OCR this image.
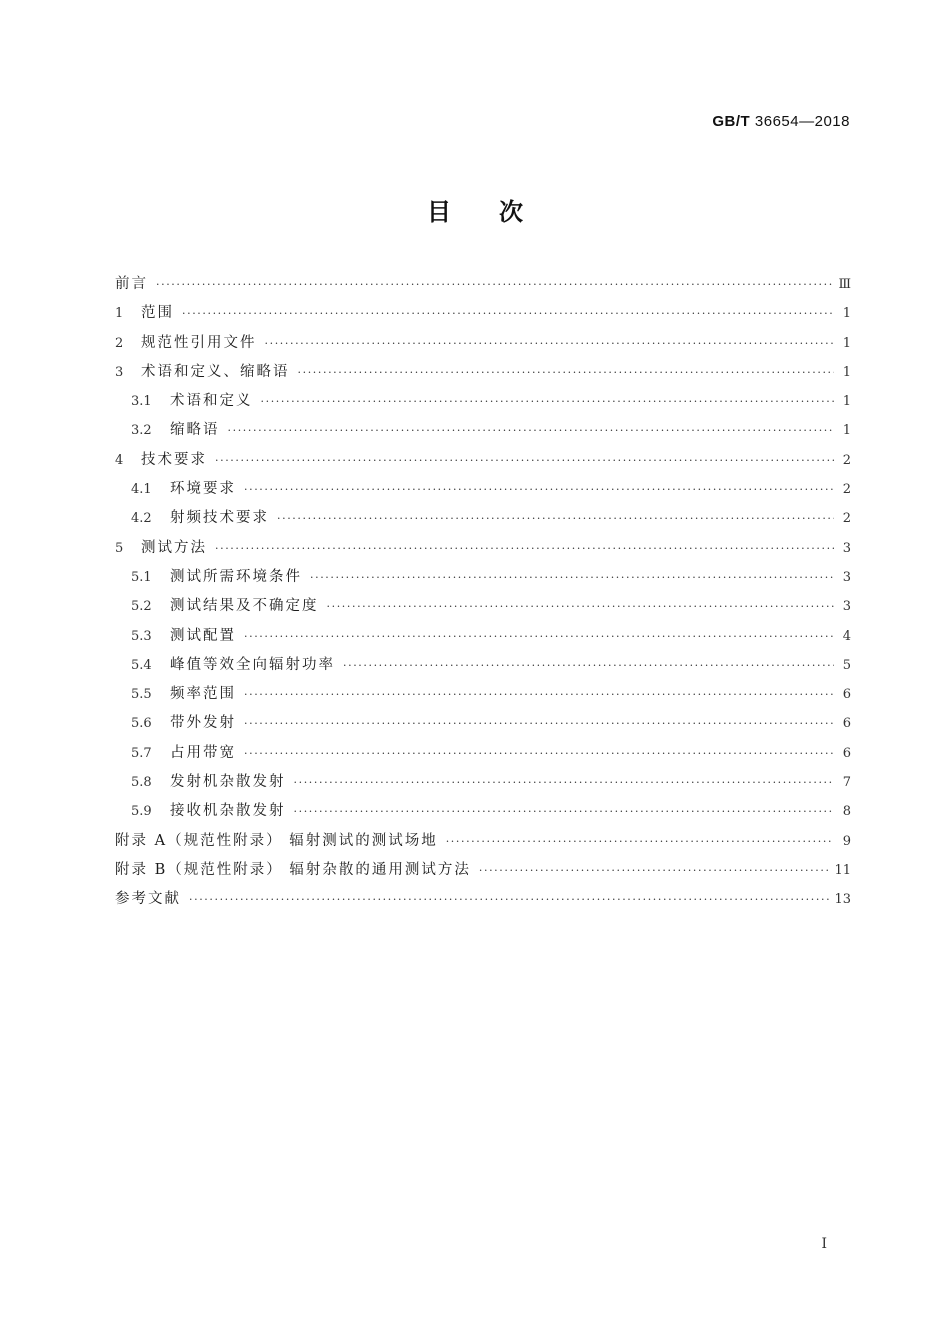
GB/T 36654—2018
目次
前言 ·····	Ⅲ
1	范围 ·····	1
2	规范性引用文件 ·····	1
3	术语和定义、缩略语 ·····	1
3.1	术语和定义 ·····	1
3.2	缩略语 ·····	1
4	技术要求 ·····	2
4.1	环境要求 ·····	2
4.2	射频技术要求 ·····	2
5	测试方法 ·····	3
5.1	测试所需环境条件 ·····	3
5.2	测试结果及不确定度 ·····	3
5.3	测试配置 ·····	4
5.4	峰值等效全向辐射功率 ·····	5
5.5	频率范围 ·····	6
5.6	带外发射 ·····	6
5.7	占用带宽 ·····	6
5.8	发射机杂散发射 ·····	7
5.9	接收机杂散发射 ·····	8
附录 A（规范性附录） 辐射测试的测试场地 ·····	9
附录 B（规范性附录） 辐射杂散的通用测试方法 ·····	11
参考文献 ·····	13
I
